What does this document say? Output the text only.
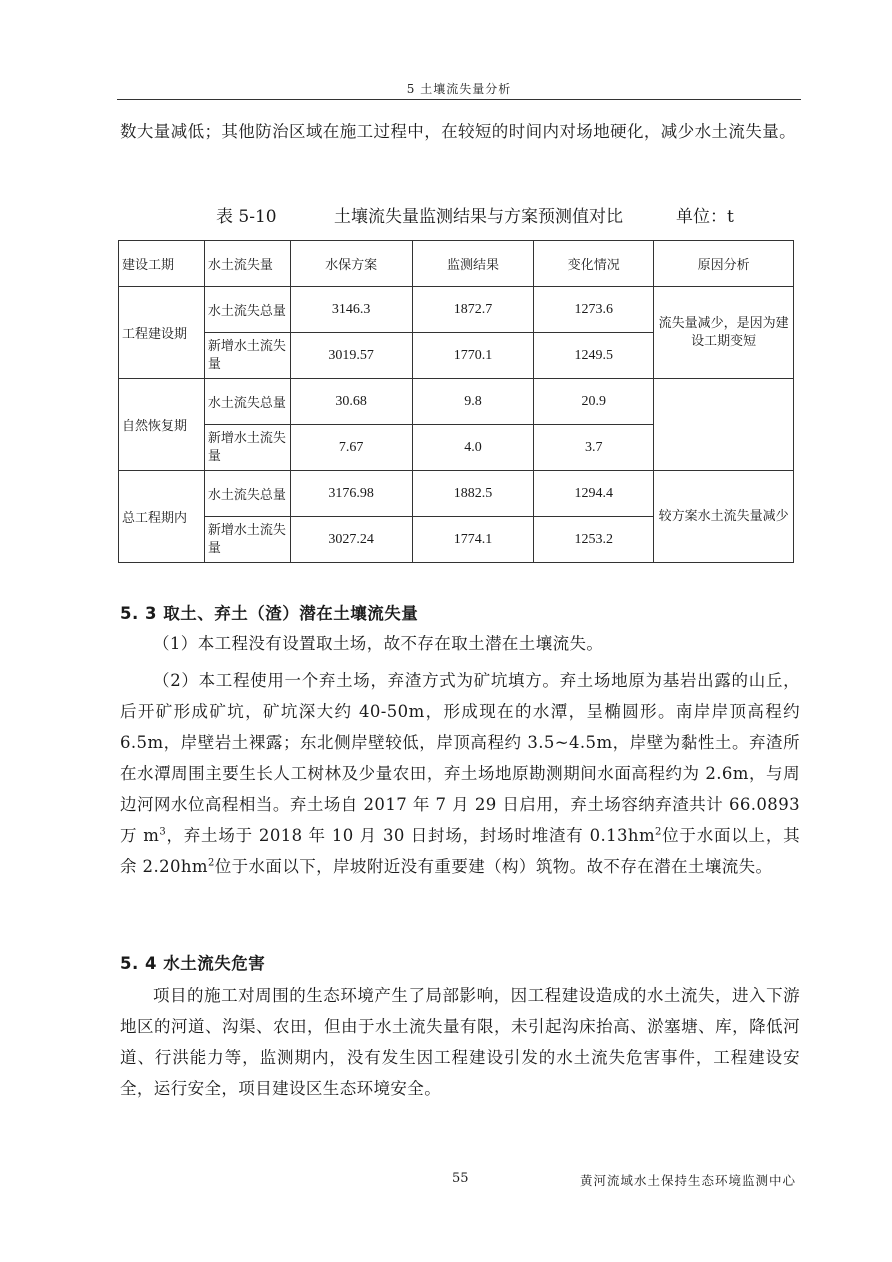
5 土壤流失量分析

数大量减低；其他防治区域在施工过程中，在较短的时间内对场地硬化，减少水土流失量。

表 5-10	土壤流失量监测结果与方案预测值对比	单位：t
建设工期	水土流失量	水保方案	监测结果	变化情况	原因分析
工程建设期	水土流失总量	3146.3	1872.7	1273.6	流失量减少，是因为建设工期变短
	新增水土流失量	3019.57	1770.1	1249.5	
自然恢复期	水土流失总量	30.68	9.8	20.9	
	新增水土流失量	7.67	4.0	3.7	
总工程期内	水土流失总量	3176.98	1882.5	1294.4	较方案水土流失量减少
	新增水土流失量	3027.24	1774.1	1253.2	
5. 3 取土、弃土（渣）潜在土壤流失量

（1）本工程没有设置取土场，故不存在取土潜在土壤流失。

（2）本工程使用一个弃土场，弃渣方式为矿坑填方。弃土场地原为基岩出露的山丘，后开矿形成矿坑，矿坑深大约 40-50m，形成现在的水潭，呈椭圆形。南岸岸顶高程约 6.5m，岸壁岩土裸露；东北侧岸壁较低，岸顶高程约 3.5~4.5m，岸壁为黏性土。弃渣所在水潭周围主要生长人工树林及少量农田，弃土场地原勘测期间水面高程约为 2.6m，与周边河网水位高程相当。弃土场自 2017 年 7 月 29 日启用，弃土场容纳弃渣共计 66.0893 万 $m^3$，弃土场于 2018 年 10 月 30 日封场，封场时堆渣有 $0.13hm^2$位于水面以上，其余 $2.20hm^2$位于水面以下，岸坡附近没有重要建（构）筑物。故不存在潜在土壤流失。

5. 4 水土流失危害

项目的施工对周围的生态环境产生了局部影响，因工程建设造成的水土流失，进入下游地区的河道、沟渠、农田，但由于水土流失量有限，未引起沟床抬高、淤塞塘、库，降低河道、行洪能力等，监测期内，没有发生因工程建设引发的水土流失危害事件，工程建设安全，运行安全，项目建设区生态环境安全。

55	黄河流域水土保持生态环境监测中心
